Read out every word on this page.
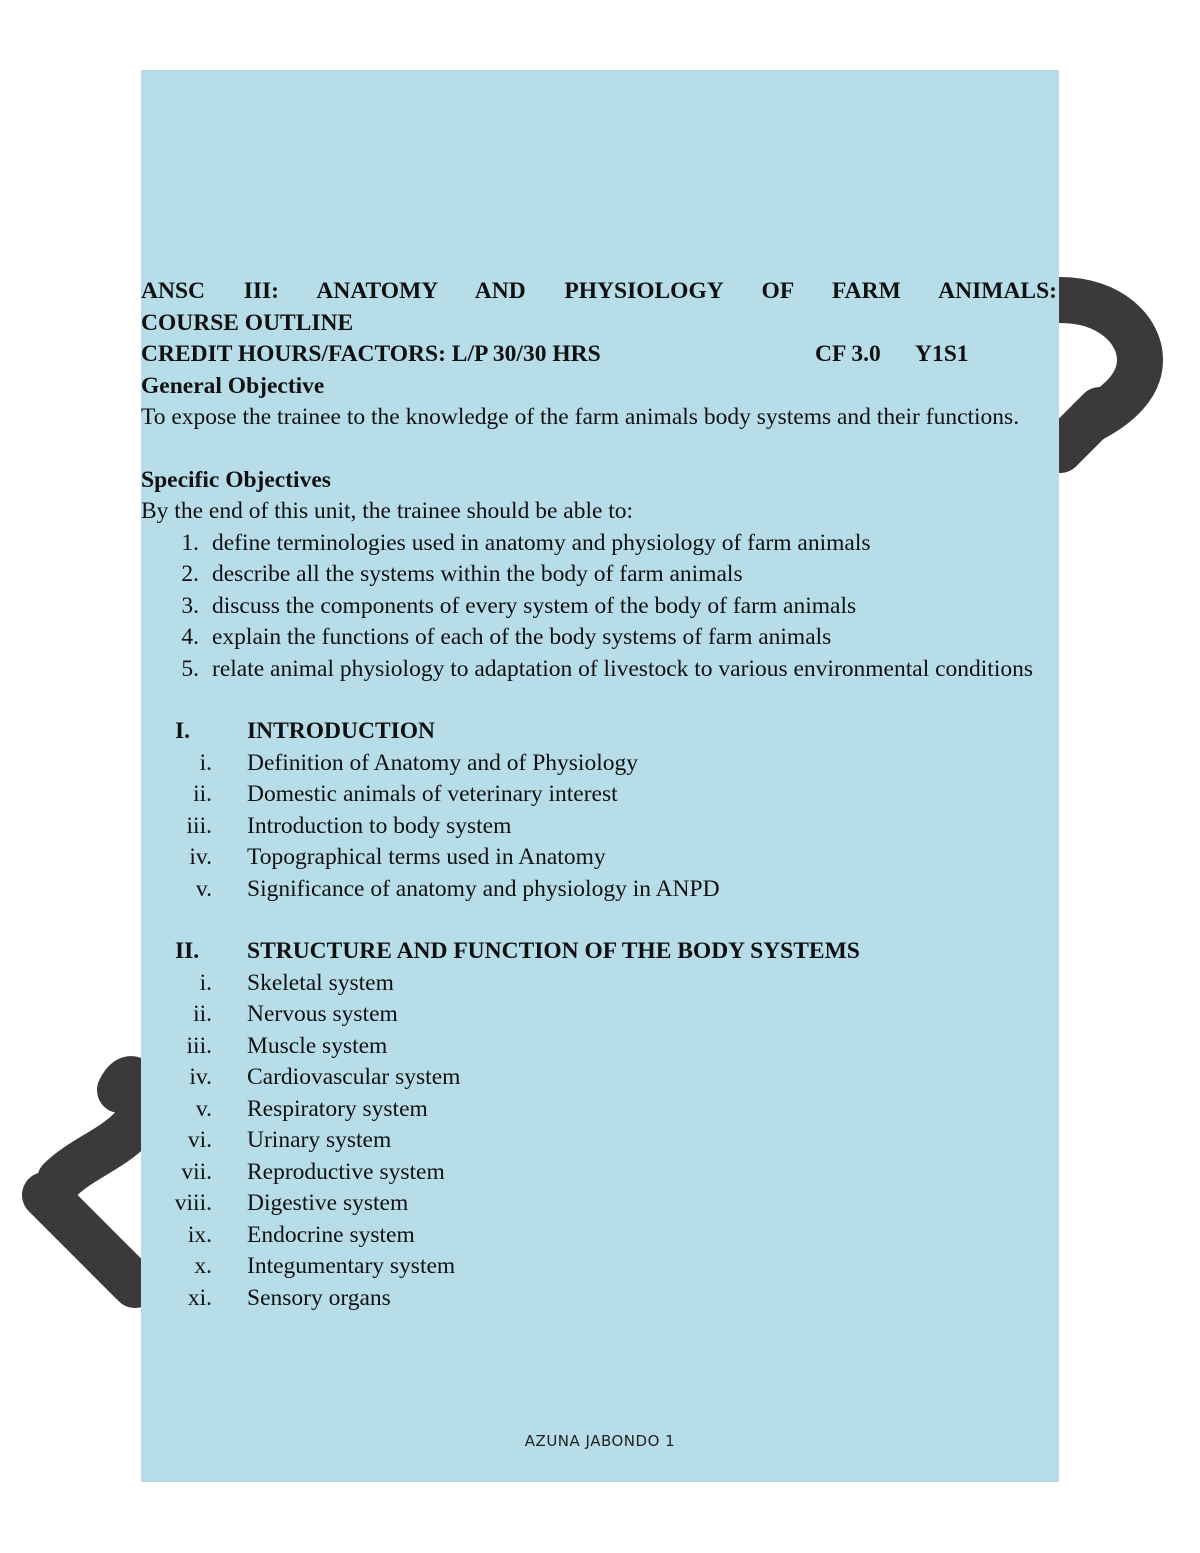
ANSC III: ANATOMY AND PHYSIOLOGY OF FARM ANIMALS:
COURSE OUTLINE
CREDIT HOURS/FACTORS: L/P 30/30 HRS	CF 3.0	Y1S1
General Objective
To expose the trainee to the knowledge of the farm animals body systems and their functions.
Specific Objectives
By the end of this unit, the trainee should be able to:
1. define terminologies used in anatomy and physiology of farm animals
2. describe all the systems within the body of farm animals
3. discuss the components of every system of the body of farm animals
4. explain the functions of each of the body systems of farm animals
5. relate animal physiology to adaptation of livestock to various environmental conditions
I.	INTRODUCTION
i.	Definition of Anatomy and of Physiology
ii.	Domestic animals of veterinary interest
iii.	Introduction to body system
iv.	Topographical terms used in Anatomy
v.	Significance of anatomy and physiology in ANPD
II.	STRUCTURE AND FUNCTION OF THE BODY SYSTEMS
i.	Skeletal system
ii.	Nervous system
iii.	Muscle system
iv.	Cardiovascular system
v.	Respiratory system
vi.	Urinary system
vii.	Reproductive system
viii.	Digestive system
ix.	Endocrine system
x.	Integumentary system
xi.	Sensory organs
AZUNA JABONDO 1
